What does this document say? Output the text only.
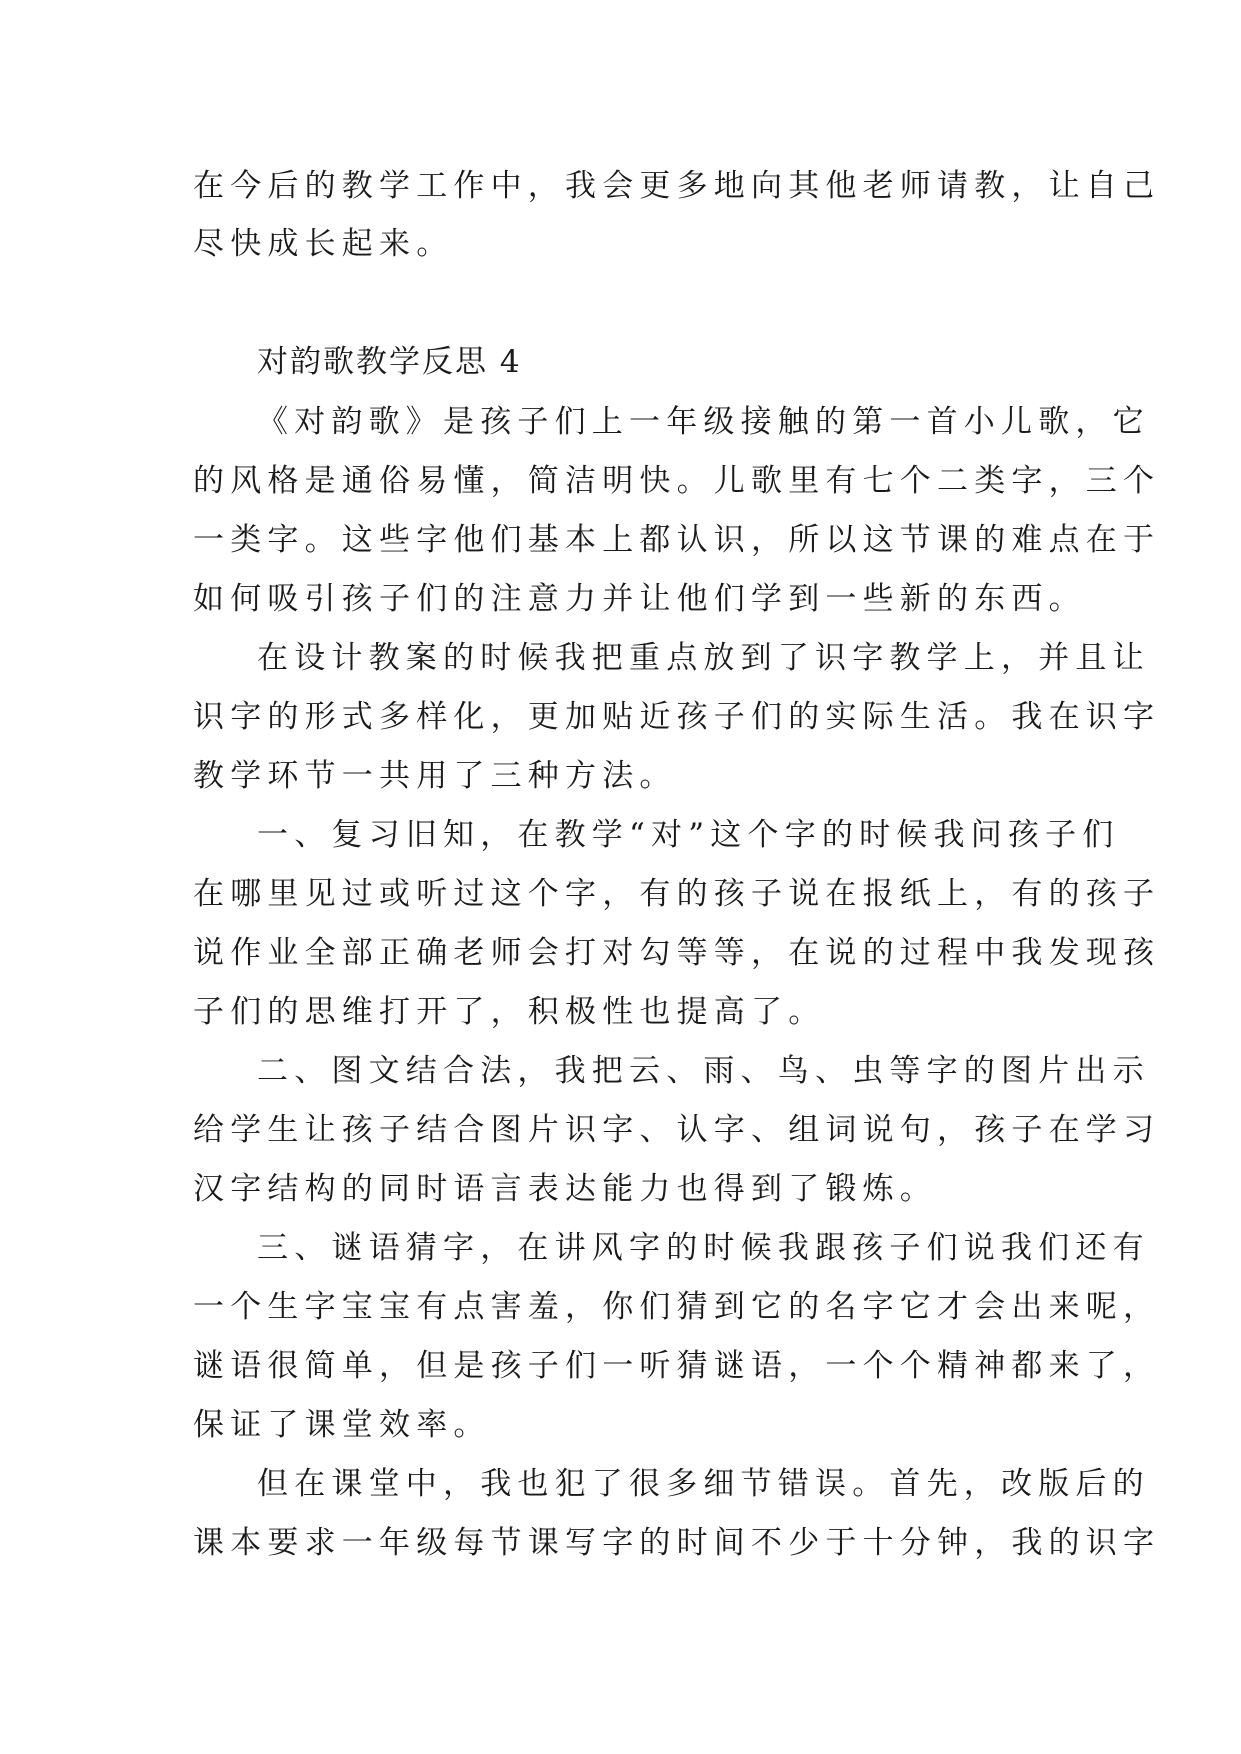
在今后的教学工作中，我会更多地向其他老师请教，让自己
尽快成长起来。
对韵歌教学反思 4
《对韵歌》是孩子们上一年级接触的第一首小儿歌，它
的风格是通俗易懂，简洁明快。儿歌里有七个二类字，三个
一类字。这些字他们基本上都认识，所以这节课的难点在于
如何吸引孩子们的注意力并让他们学到一些新的东西。
在设计教案的时候我把重点放到了识字教学上，并且让
识字的形式多样化，更加贴近孩子们的实际生活。我在识字
教学环节一共用了三种方法。
一、复习旧知，在教学“对”这个字的时候我问孩子们
在哪里见过或听过这个字，有的孩子说在报纸上，有的孩子
说作业全部正确老师会打对勾等等，在说的过程中我发现孩
子们的思维打开了，积极性也提高了。
二、图文结合法，我把云、雨、鸟、虫等字的图片出示
给学生让孩子结合图片识字、认字、组词说句，孩子在学习
汉字结构的同时语言表达能力也得到了锻炼。
三、谜语猜字，在讲风字的时候我跟孩子们说我们还有
一个生字宝宝有点害羞，你们猜到它的名字它才会出来呢，
谜语很简单，但是孩子们一听猜谜语，一个个精神都来了，
保证了课堂效率。
但在课堂中，我也犯了很多细节错误。首先，改版后的
课本要求一年级每节课写字的时间不少于十分钟，我的识字
